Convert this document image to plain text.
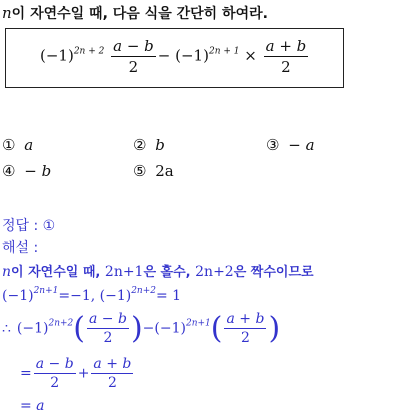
n이 자연수일 때, 다음 식을 간단히 하여라.
$(-1)^{2n + 2} \frac{a - b}{2} - (-1)^{2n + 1} \times \frac{a + b}{2}$
① a	② b	③ − a
④ − b	⑤ 2a
정답 : ①
해설 :
n이 자연수일 때, 2n+1은 홀수, 2n+2은 짝수이므로
$(-1)^{2n+1}=-1$, $(-1)^{2n+2}= 1$
∴ $(-1)^{2n+2}( \frac{a - b}{2} )-(-1)^{2n+1}( \frac{a + b}{2}$ )
= $\frac{a - b}{2} + \frac{a + b}{2}$
= a
